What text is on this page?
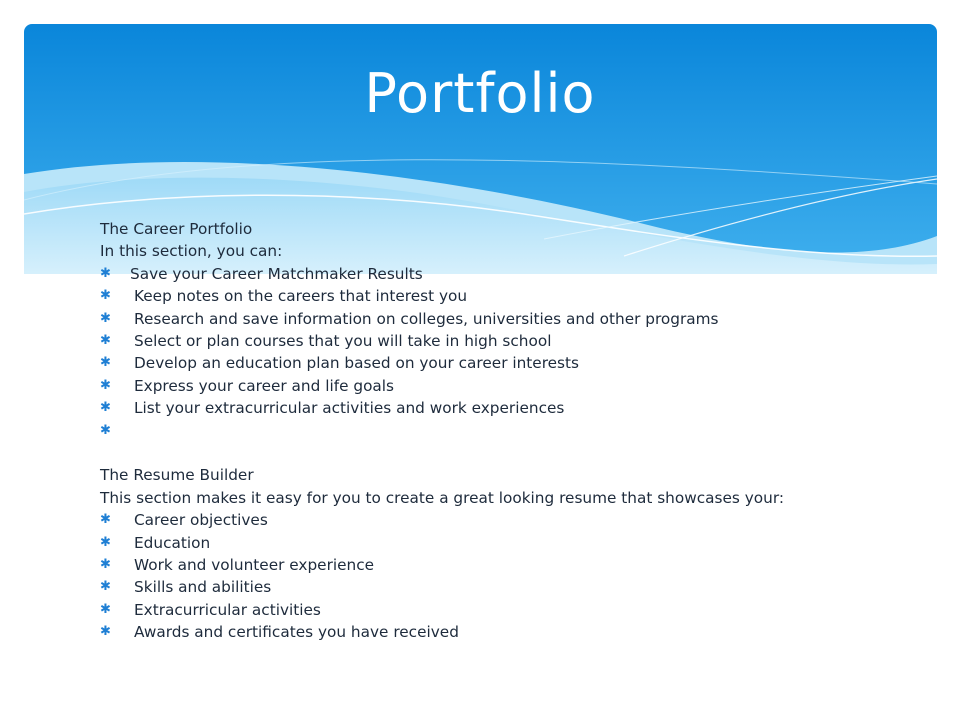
Portfolio
The Career Portfolio
In this section, you can:
✱	Save your Career Matchmaker Results
✱	Keep notes on the careers that interest you
✱	Research and save information on colleges, universities and other programs
✱	Select or plan courses that you will take in high school
✱	Develop an education plan based on your career interests
✱	Express your career and life goals
✱	List your extracurricular activities and work experiences
✱
The Resume Builder
This section makes it easy for you to create a great looking resume that showcases your:
✱	Career objectives
✱	Education
✱	Work and volunteer experience
✱	Skills and abilities
✱	Extracurricular activities
✱	Awards and certificates you have received
